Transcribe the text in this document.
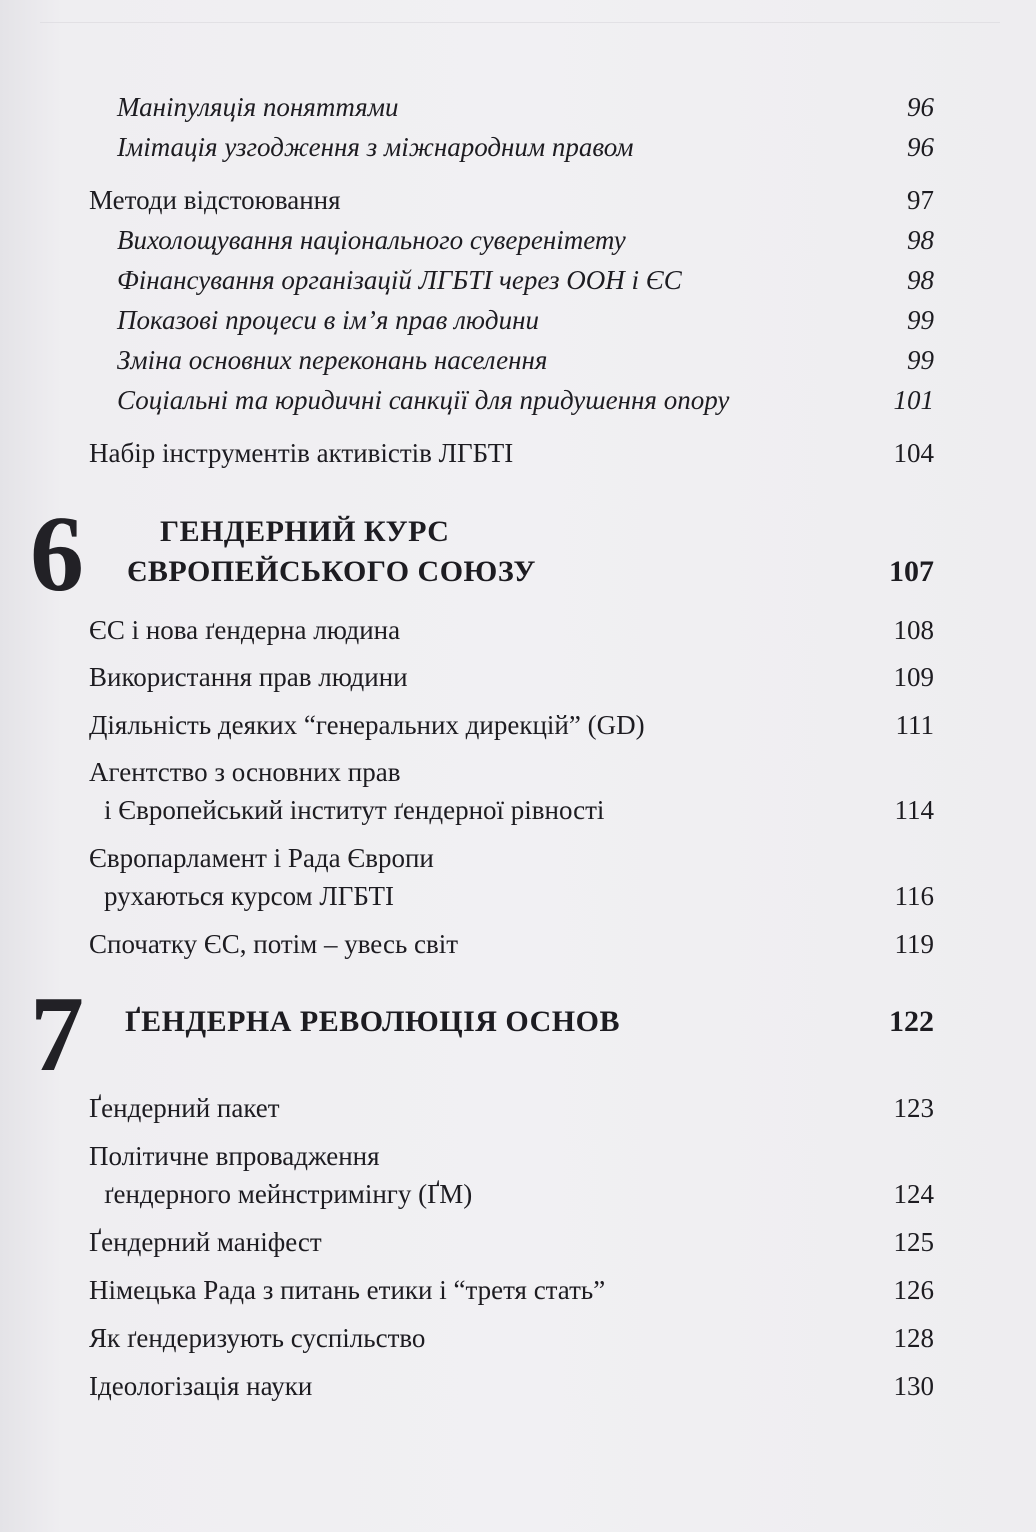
Маніпуляція поняттями	96
Імітація узгодження з міжнародним правом	96
Методи відстоювання	97
Вихолощування національного суверенітету	98
Фінансування організацій ЛГБТІ через ООН і ЄС	98
Показові процеси в ім’я прав людини	99
Зміна основних переконань населення	99
Соціальні та юридичні санкції для придушення опору	101
Набір інструментів активістів ЛГБТІ	104
6	ГЕНДЕРНИЙ КУРС
ЄВРОПЕЙСЬКОГО СОЮЗУ	107
ЄС і нова ґендерна людина	108
Використання прав людини	109
Діяльність деяких “генеральних дирекцій” (GD)	111
Агентство з основних прав
і Європейський інститут ґендерної рівності	114
Європарламент і Рада Європи
рухаються курсом ЛГБТІ	116
Спочатку ЄС, потім – увесь світ	119
7 ҐЕНДЕРНА РЕВОЛЮЦІЯ ОСНОВ	122
Ґендерний пакет	123
Політичне впровадження
ґендерного мейнстримінгу (ҐМ)	124
Ґендерний маніфест	125
Німецька Рада з питань етики і “третя стать”	126
Як ґендеризують суспільство	128
Ідеологізація науки	130
